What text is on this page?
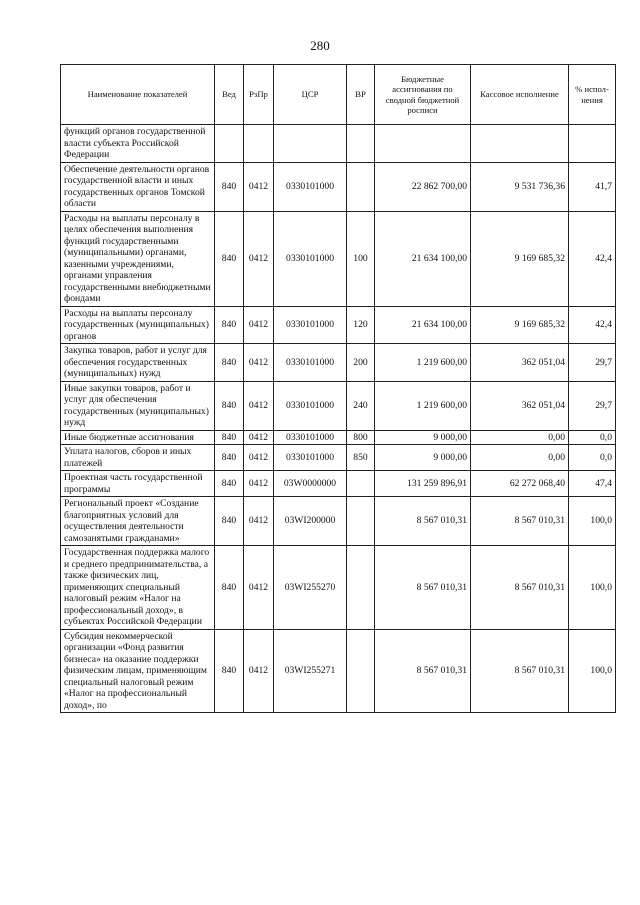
280
Наименование показателей	Вед	РзПр	ЦСР	ВР	Бюджетные ассигнования по сводной бюджетной росписи	Кассовое исполнение	% испол-нения
функций органов государственной власти субъекта Российской Федерации							
Обеспечение деятельности органов государственной власти и иных государственных органов Томской области	840	0412	0330101000		22 862 700,00	9 531 736,36	41,7
Расходы на выплаты персоналу в целях обеспечения выполнения функций государственными (муниципальными) органами, казенными учреждениями, органами управления государственными внебюджетными фондами	840	0412	0330101000	100	21 634 100,00	9 169 685,32	42,4
Расходы на выплаты персоналу государственных (муниципальных) органов	840	0412	0330101000	120	21 634 100,00	9 169 685,32	42,4
Закупка товаров, работ и услуг для обеспечения государственных (муниципальных) нужд	840	0412	0330101000	200	1 219 600,00	362 051,04	29,7
Иные закупки товаров, работ и услуг для обеспечения государственных (муниципальных) нужд	840	0412	0330101000	240	1 219 600,00	362 051,04	29,7
Иные бюджетные ассигнования	840	0412	0330101000	800	9 000,00	0,00	0,0
Уплата налогов, сборов и иных платежей	840	0412	0330101000	850	9 000,00	0,00	0,0
Проектная часть государственной программы	840	0412	03W0000000		131 259 896,91	62 272 068,40	47,4
Региональный проект «Создание благоприятных условий для осуществления деятельности самозанятыми гражданами»	840	0412	03WI200000		8 567 010,31	8 567 010,31	100,0
Государственная поддержка малого и среднего предпринимательства, а также физических лиц, применяющих специальный налоговый режим «Налог на профессиональный доход», в субъектах Российской Федерации	840	0412	03WI255270		8 567 010,31	8 567 010,31	100,0
Субсидия некоммерческой организации «Фонд развития бизнеса» на оказание поддержки физическим лицам, применяющим специальный налоговый режим «Налог на профессиональный доход», по	840	0412	03WI255271		8 567 010,31	8 567 010,31	100,0
